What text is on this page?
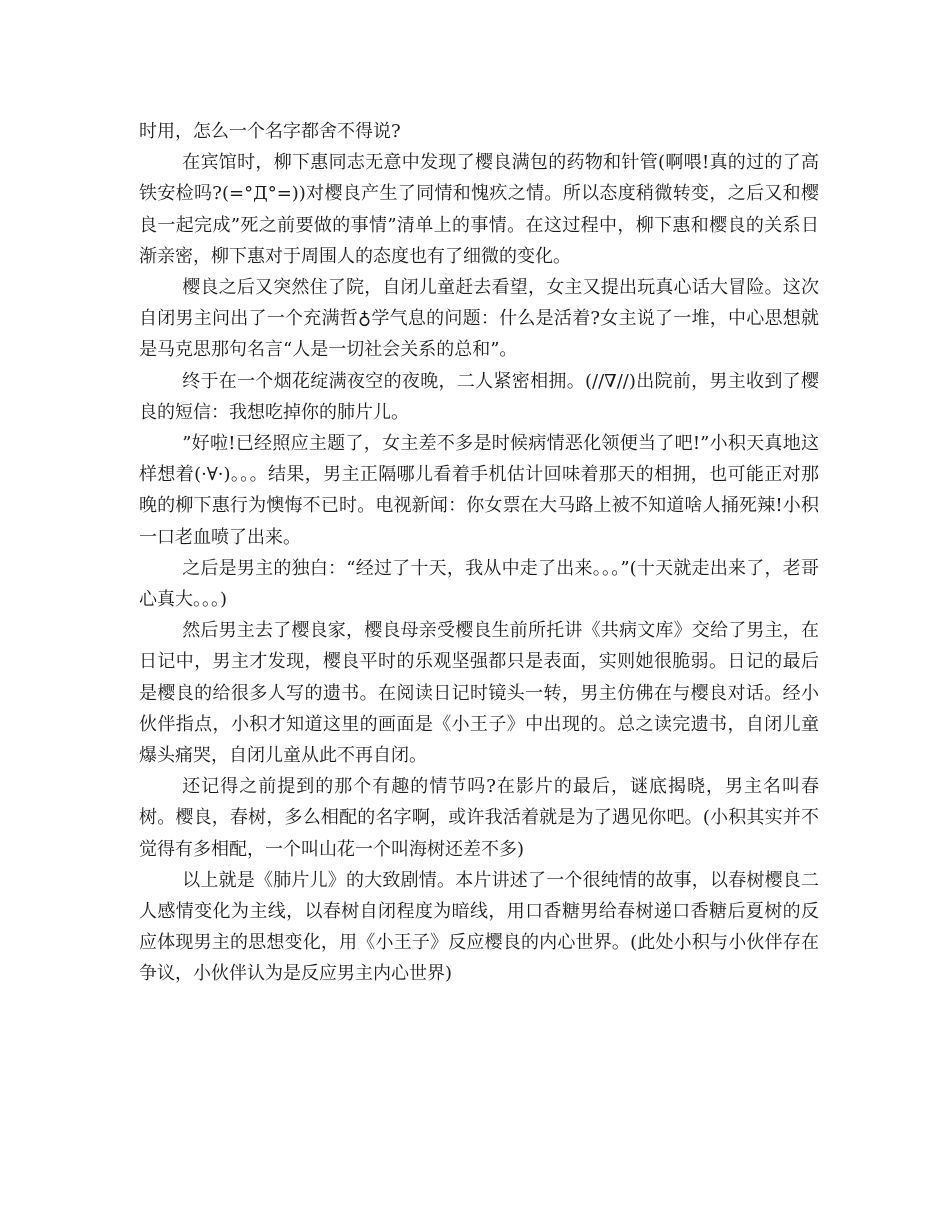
时用，怎么一个名字都舍不得说?

在宾馆时，柳下惠同志无意中发现了樱良满包的药物和针管(啊喂!真的过的了高铁安检吗?(=°Д°=))对樱良产生了同情和愧疚之情。所以态度稍微转变，之后又和樱良一起完成”死之前要做的事情”清单上的事情。在这过程中，柳下惠和樱良的关系日渐亲密，柳下惠对于周围人的态度也有了细微的变化。

樱良之后又突然住了院，自闭儿童赶去看望，女主又提出玩真心话大冒险。这次自闭男主问出了一个充满哲♁学气息的问题：什么是活着?女主说了一堆，中心思想就是马克思那句名言“人是一切社会关系的总和”。

终于在一个烟花绽满夜空的夜晚，二人紧密相拥。(//∇//)出院前，男主收到了樱良的短信：我想吃掉你的肺片儿。

”好啦!已经照应主题了，女主差不多是时候病情恶化领便当了吧!”小积天真地这样想着(·∀·)。。。结果，男主正隔哪儿看着手机估计回味着那天的相拥，也可能正对那晚的柳下惠行为懊悔不已时。电视新闻：你女票在大马路上被不知道啥人捅死辣!小积一口老血喷了出来。

之后是男主的独白：“经过了十天，我从中走了出来。。。”(十天就走出来了，老哥心真大。。。)

然后男主去了樱良家，樱良母亲受樱良生前所托讲《共病文库》交给了男主，在日记中，男主才发现，樱良平时的乐观坚强都只是表面，实则她很脆弱。日记的最后是樱良的给很多人写的遗书。在阅读日记时镜头一转，男主仿佛在与樱良对话。经小伙伴指点，小积才知道这里的画面是《小王子》中出现的。总之读完遗书，自闭儿童爆头痛哭，自闭儿童从此不再自闭。

还记得之前提到的那个有趣的情节吗?在影片的最后，谜底揭晓，男主名叫春树。樱良，春树，多么相配的名字啊，或许我活着就是为了遇见你吧。(小积其实并不觉得有多相配，一个叫山花一个叫海树还差不多)

以上就是《肺片儿》的大致剧情。本片讲述了一个很纯情的故事，以春树樱良二人感情变化为主线，以春树自闭程度为暗线，用口香糖男给春树递口香糖后夏树的反应体现男主的思想变化，用《小王子》反应樱良的内心世界。(此处小积与小伙伴存在争议，小伙伴认为是反应男主内心世界)
